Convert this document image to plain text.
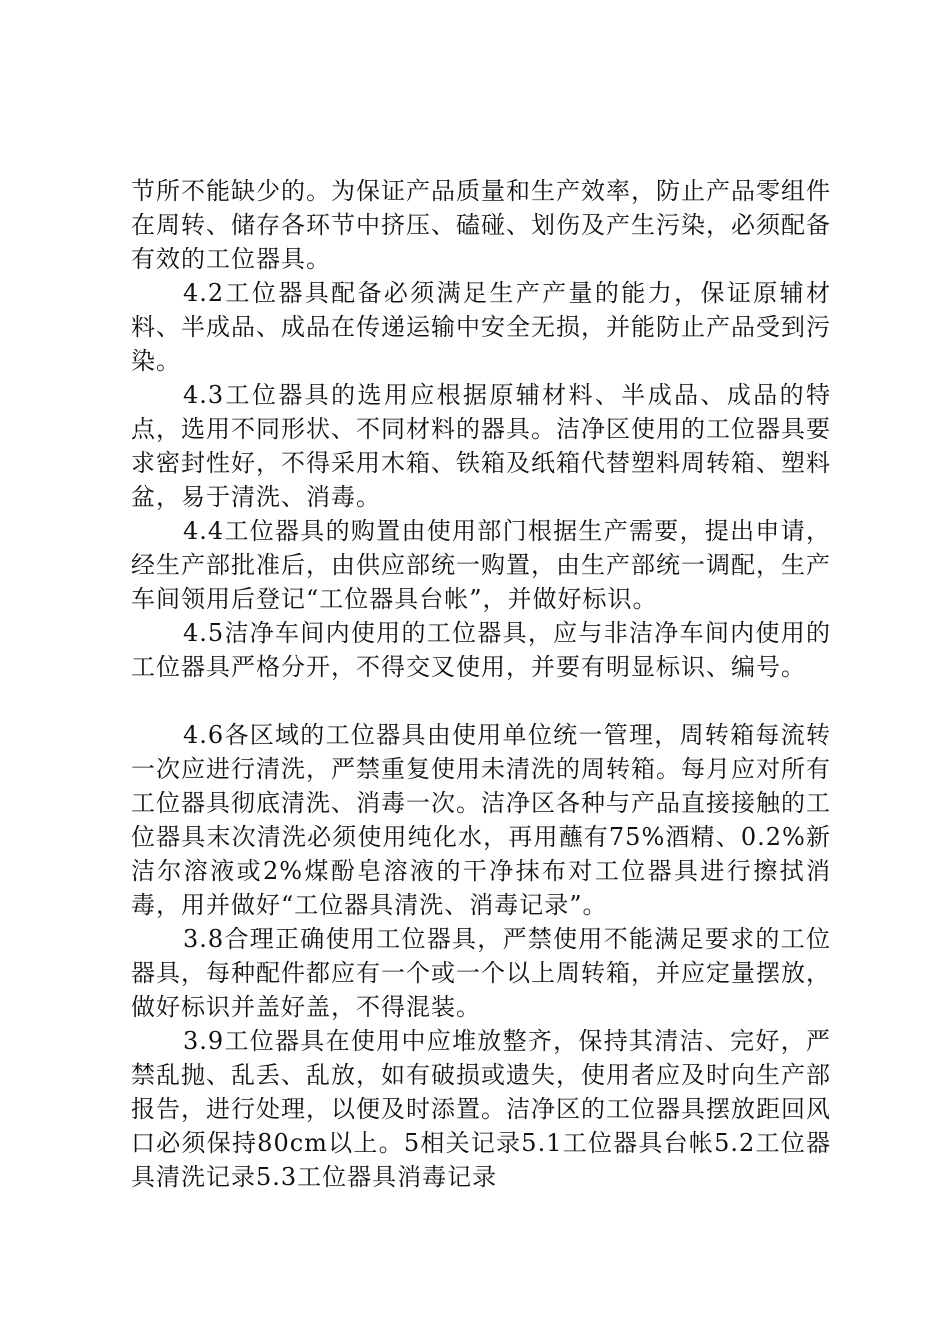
节所不能缺少的。为保证产品质量和生产效率，防止产品零组件在周转、储存各环节中挤压、磕碰、划伤及产生污染，必须配备有效的工位器具。

4.2工位器具配备必须满足生产产量的能力，保证原辅材料、半成品、成品在传递运输中安全无损，并能防止产品受到污染。

4.3工位器具的选用应根据原辅材料、半成品、成品的特点，选用不同形状、不同材料的器具。洁净区使用的工位器具要求密封性好，不得采用木箱、铁箱及纸箱代替塑料周转箱、塑料盆，易于清洗、消毒。

4.4工位器具的购置由使用部门根据生产需要，提出申请，经生产部批准后，由供应部统一购置，由生产部统一调配，生产车间领用后登记“工位器具台帐”，并做好标识。

4.5洁净车间内使用的工位器具，应与非洁净车间内使用的工位器具严格分开，不得交叉使用，并要有明显标识、编号。

4.6各区域的工位器具由使用单位统一管理，周转箱每流转一次应进行清洗，严禁重复使用未清洗的周转箱。每月应对所有工位器具彻底清洗、消毒一次。洁净区各种与产品直接接触的工位器具末次清洗必须使用纯化水，再用蘸有75%酒精、0.2%新洁尔溶液或2%煤酚皂溶液的干净抹布对工位器具进行擦拭消毒，用并做好“工位器具清洗、消毒记录”。

3.8合理正确使用工位器具，严禁使用不能满足要求的工位器具，每种配件都应有一个或一个以上周转箱，并应定量摆放，做好标识并盖好盖，不得混装。

3.9工位器具在使用中应堆放整齐，保持其清洁、完好，严禁乱抛、乱丢、乱放，如有破损或遗失，使用者应及时向生产部报告，进行处理，以便及时添置。洁净区的工位器具摆放距回风口必须保持80cm以上。5相关记录5.1工位器具台帐5.2工位器具清洗记录5.3工位器具消毒记录
